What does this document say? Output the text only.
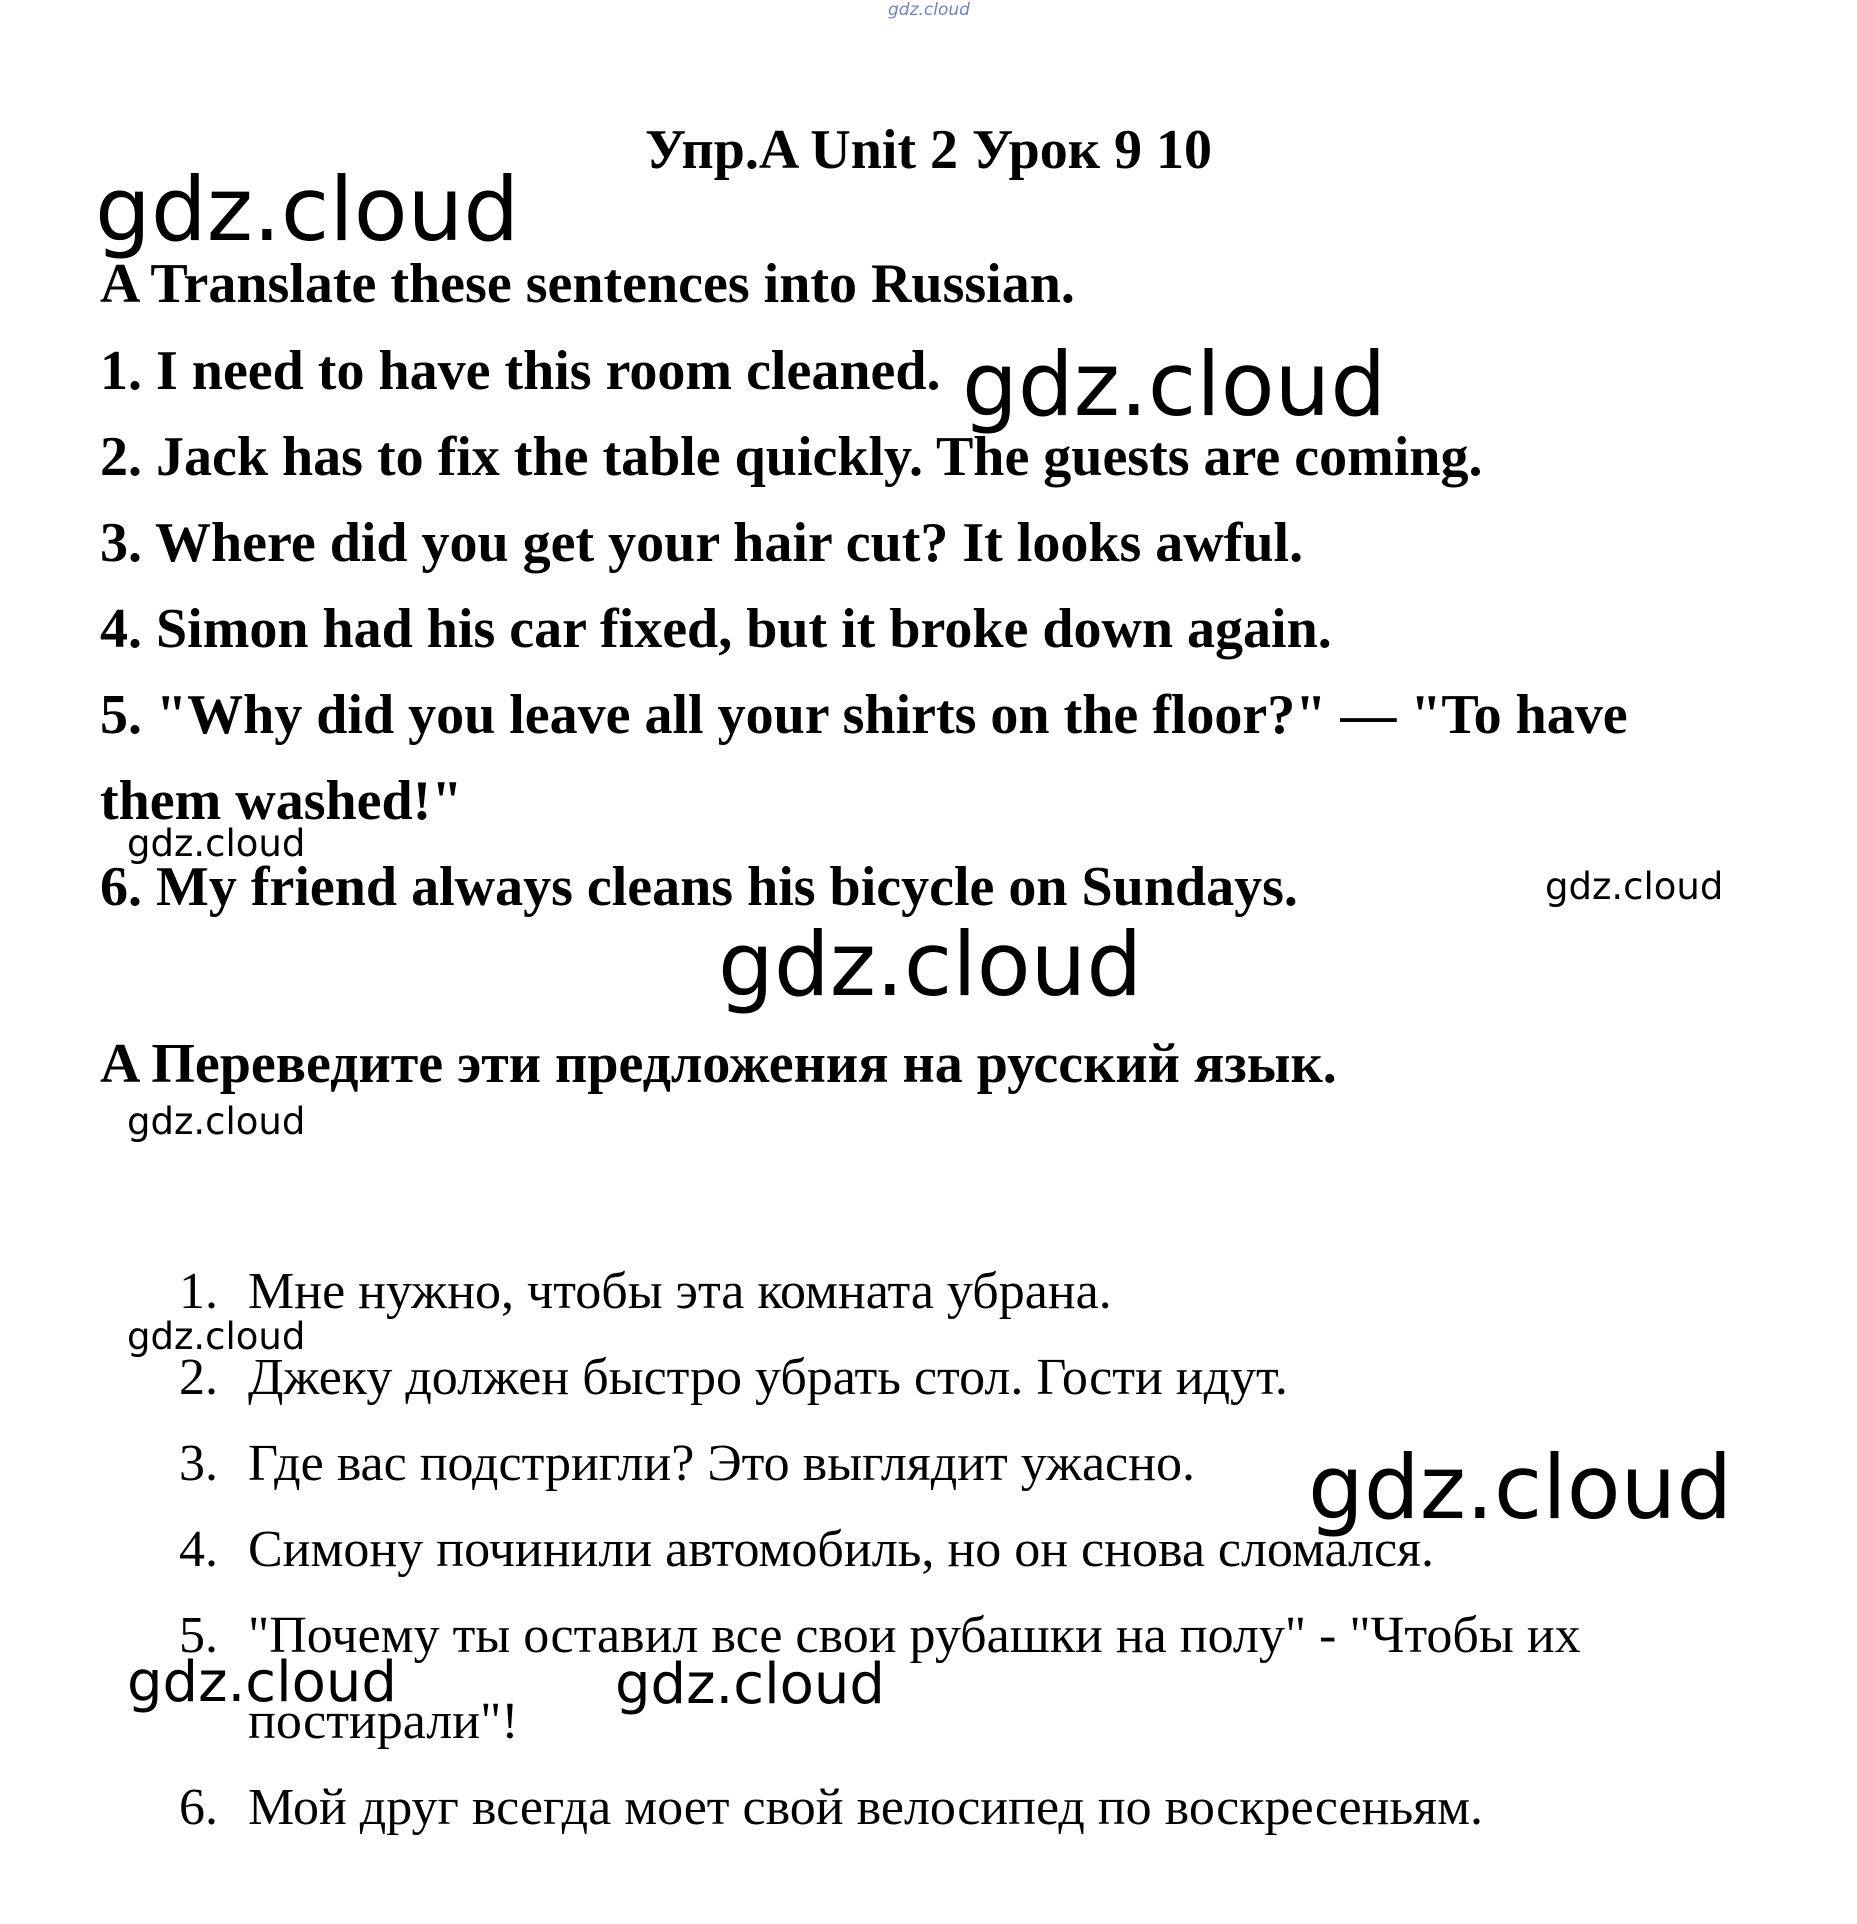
gdz.cloud
Упр.A Unit 2 Урок 9 10
A Translate these sentences into Russian.
1. I need to have this room cleaned.
2. Jack has to fix the table quickly. The guests are coming.
3. Where did you get your hair cut? It looks awful.
4. Simon had his car fixed, but it broke down again.
5. "Why did you leave all your shirts on the floor?" — "To have
them washed!"
6. My friend always cleans his bicycle on Sundays.
A Переведите эти предложения на русский язык.
1. Мне нужно, чтобы эта комната убрана.
2. Джеку должен быстро убрать стол. Гости идут.
3. Где вас подстригли? Это выглядит ужасно.
4. Симону починили автомобиль, но он снова сломался.
5. "Почему ты оставил все свои рубашки на полу" - "Чтобы их
постирали"!
6. Мой друг всегда моет свой велосипед по воскресеньям.
gdz.cloud
gdz.cloud
gdz.cloud
gdz.cloud
gdz.cloud
gdz.cloud
gdz.cloud
gdz.cloud
gdz.cloud	gdz.cloud
